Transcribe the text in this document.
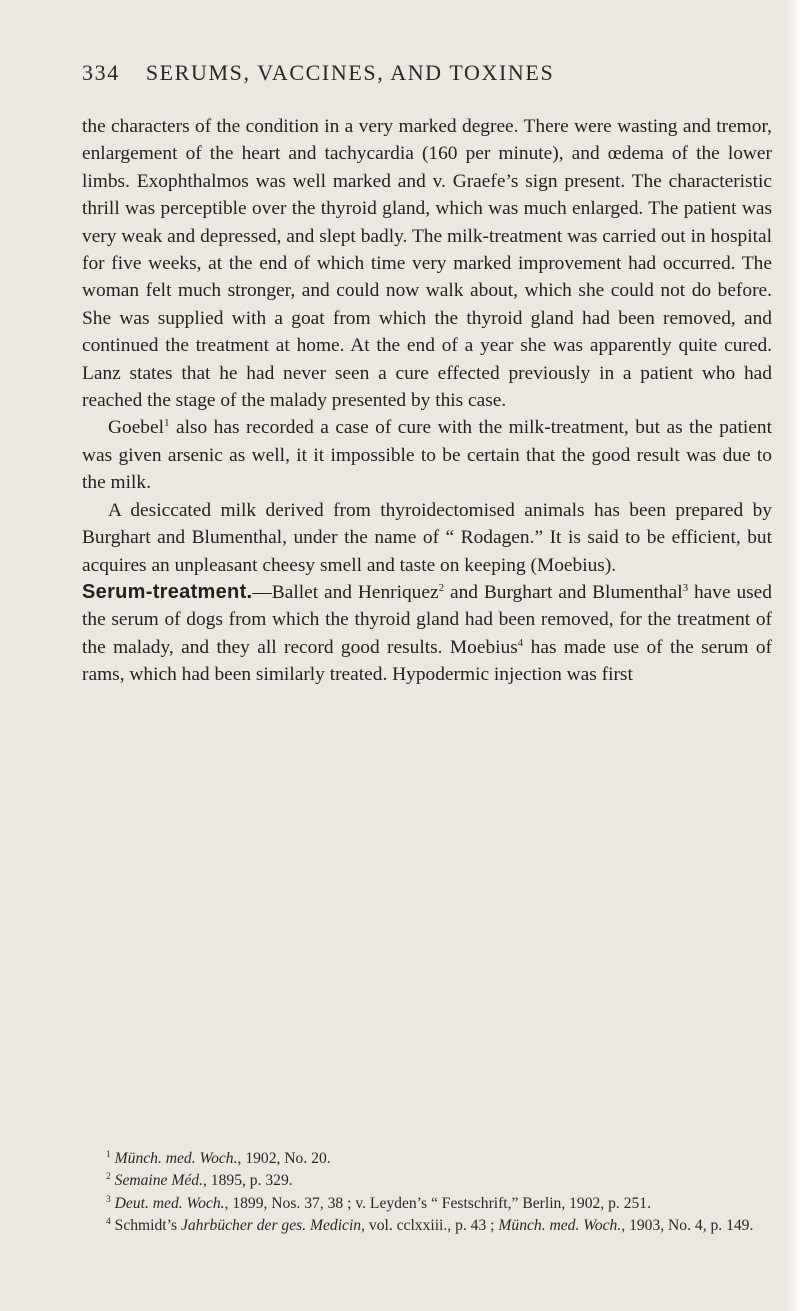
334 SERUMS, VACCINES, AND TOXINES

the characters of the condition in a very marked degree. There were wasting and tremor, enlargement of the heart and tachycardia (160 per minute), and œdema of the lower limbs. Exophthalmos was well marked and v. Graefe’s sign present. The characteristic thrill was perceptible over the thyroid gland, which was much enlarged. The patient was very weak and depressed, and slept badly. The milk-treatment was carried out in hospital for five weeks, at the end of which time very marked improvement had occurred. The woman felt much stronger, and could now walk about, which she could not do before. She was supplied with a goat from which the thyroid gland had been removed, and continued the treatment at home. At the end of a year she was apparently quite cured. Lanz states that he had never seen a cure effected previously in a patient who had reached the stage of the malady presented by this case.

Goebel$^1$ also has recorded a case of cure with the milk-treatment, but as the patient was given arsenic as well, it it impossible to be certain that the good result was due to the milk.

A desiccated milk derived from thyroidectomised animals has been prepared by Burghart and Blumenthal, under the name of “ Rodagen.” It is said to be efficient, but acquires an unpleasant cheesy smell and taste on keeping (Moebius).

Serum-treatment.—Ballet and Henriquez$^2$ and Burghart and Blumenthal$^3$ have used the serum of dogs from which the thyroid gland had been removed, for the treatment of the malady, and they all record good results. Moebius$^4$ has made use of the serum of rams, which had been similarly treated. Hypodermic injection was first

$^1$ Münch. med. Woch., 1902, No. 20.

$^2$ Semaine Méd., 1895, p. 329.

$^3$ Deut. med. Woch., 1899, Nos. 37, 38 ; v. Leyden’s “ Festschrift,” Berlin, 1902, p. 251.

$^4$ Schmidt’s Jahrbücher der ges. Medicin, vol. cclxxiii., p. 43 ; Münch. med. Woch., 1903, No. 4, p. 149.
